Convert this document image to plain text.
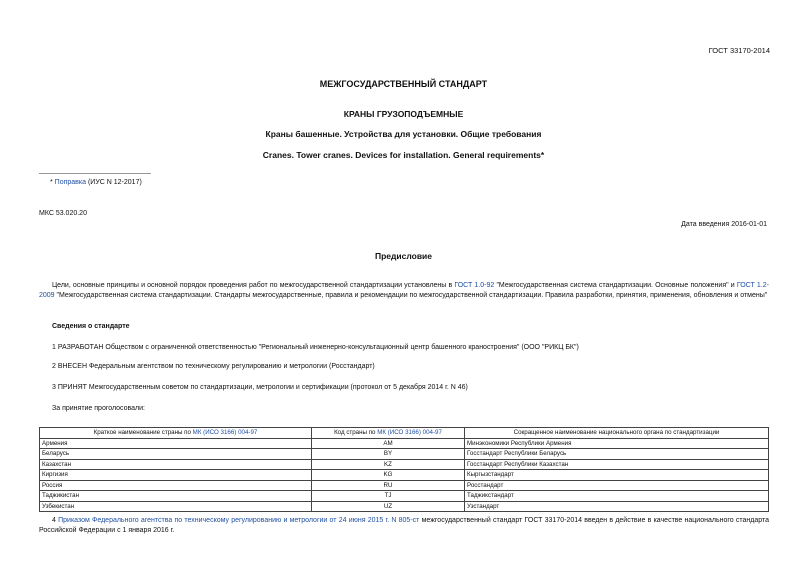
ГОСТ 33170-2014
МЕЖГОСУДАРСТВЕННЫЙ СТАНДАРТ
КРАНЫ ГРУЗОПОДЪЕМНЫЕ
Краны башенные. Устройства для установки. Общие требования
Cranes. Tower cranes. Devices for installation. General requirements*
* Поправка (ИУС N 12-2017)
МКС 53.020.20
Дата введения 2016-01-01
Предисловие
Цели, основные принципы и основной порядок проведения работ по межгосударственной стандартизации установлены в ГОСТ 1.0-92 "Межгосударственная система стандартизации. Основные положения" и ГОСТ 1.2-2009 "Межгосударственная система стандартизации. Стандарты межгосударственные, правила и рекомендации по межгосударственной стандартизации. Правила разработки, принятия, применения, обновления и отмены"
Сведения о стандарте
1 РАЗРАБОТАН Обществом с ограниченной ответственностью "Региональный инженерно-консультационный центр башенного краностроения" (ООО "РИКЦ БК")
2 ВНЕСЕН Федеральным агентством по техническому регулированию и метрологии (Росстандарт)
3 ПРИНЯТ Межгосударственным советом по стандартизации, метрологии и сертификации (протокол от 5 декабря 2014 г. N 46)
За принятие проголосовали:
Краткое наименование страны по МК (ИСО 3166) 004-97	Код страны по МК (ИСО 3166) 004-97	Сокращенное наименование национального органа по стандартизации
Армения	AM	Минэкономики Республики Армения
Беларусь	BY	Госстандарт Республики Беларусь
Казахстан	KZ	Госстандарт Республики Казахстан
Киргизия	KG	Кыргызстандарт
Россия	RU	Росстандарт
Таджикистан	TJ	Таджикстандарт
Узбекистан	UZ	Узстандарт
4 Приказом Федерального агентства по техническому регулированию и метрологии от 24 июня 2015 г. N 805-ст межгосударственный стандарт ГОСТ 33170-2014 введен в действие в качестве национального стандарта Российской Федерации с 1 января 2016 г.
